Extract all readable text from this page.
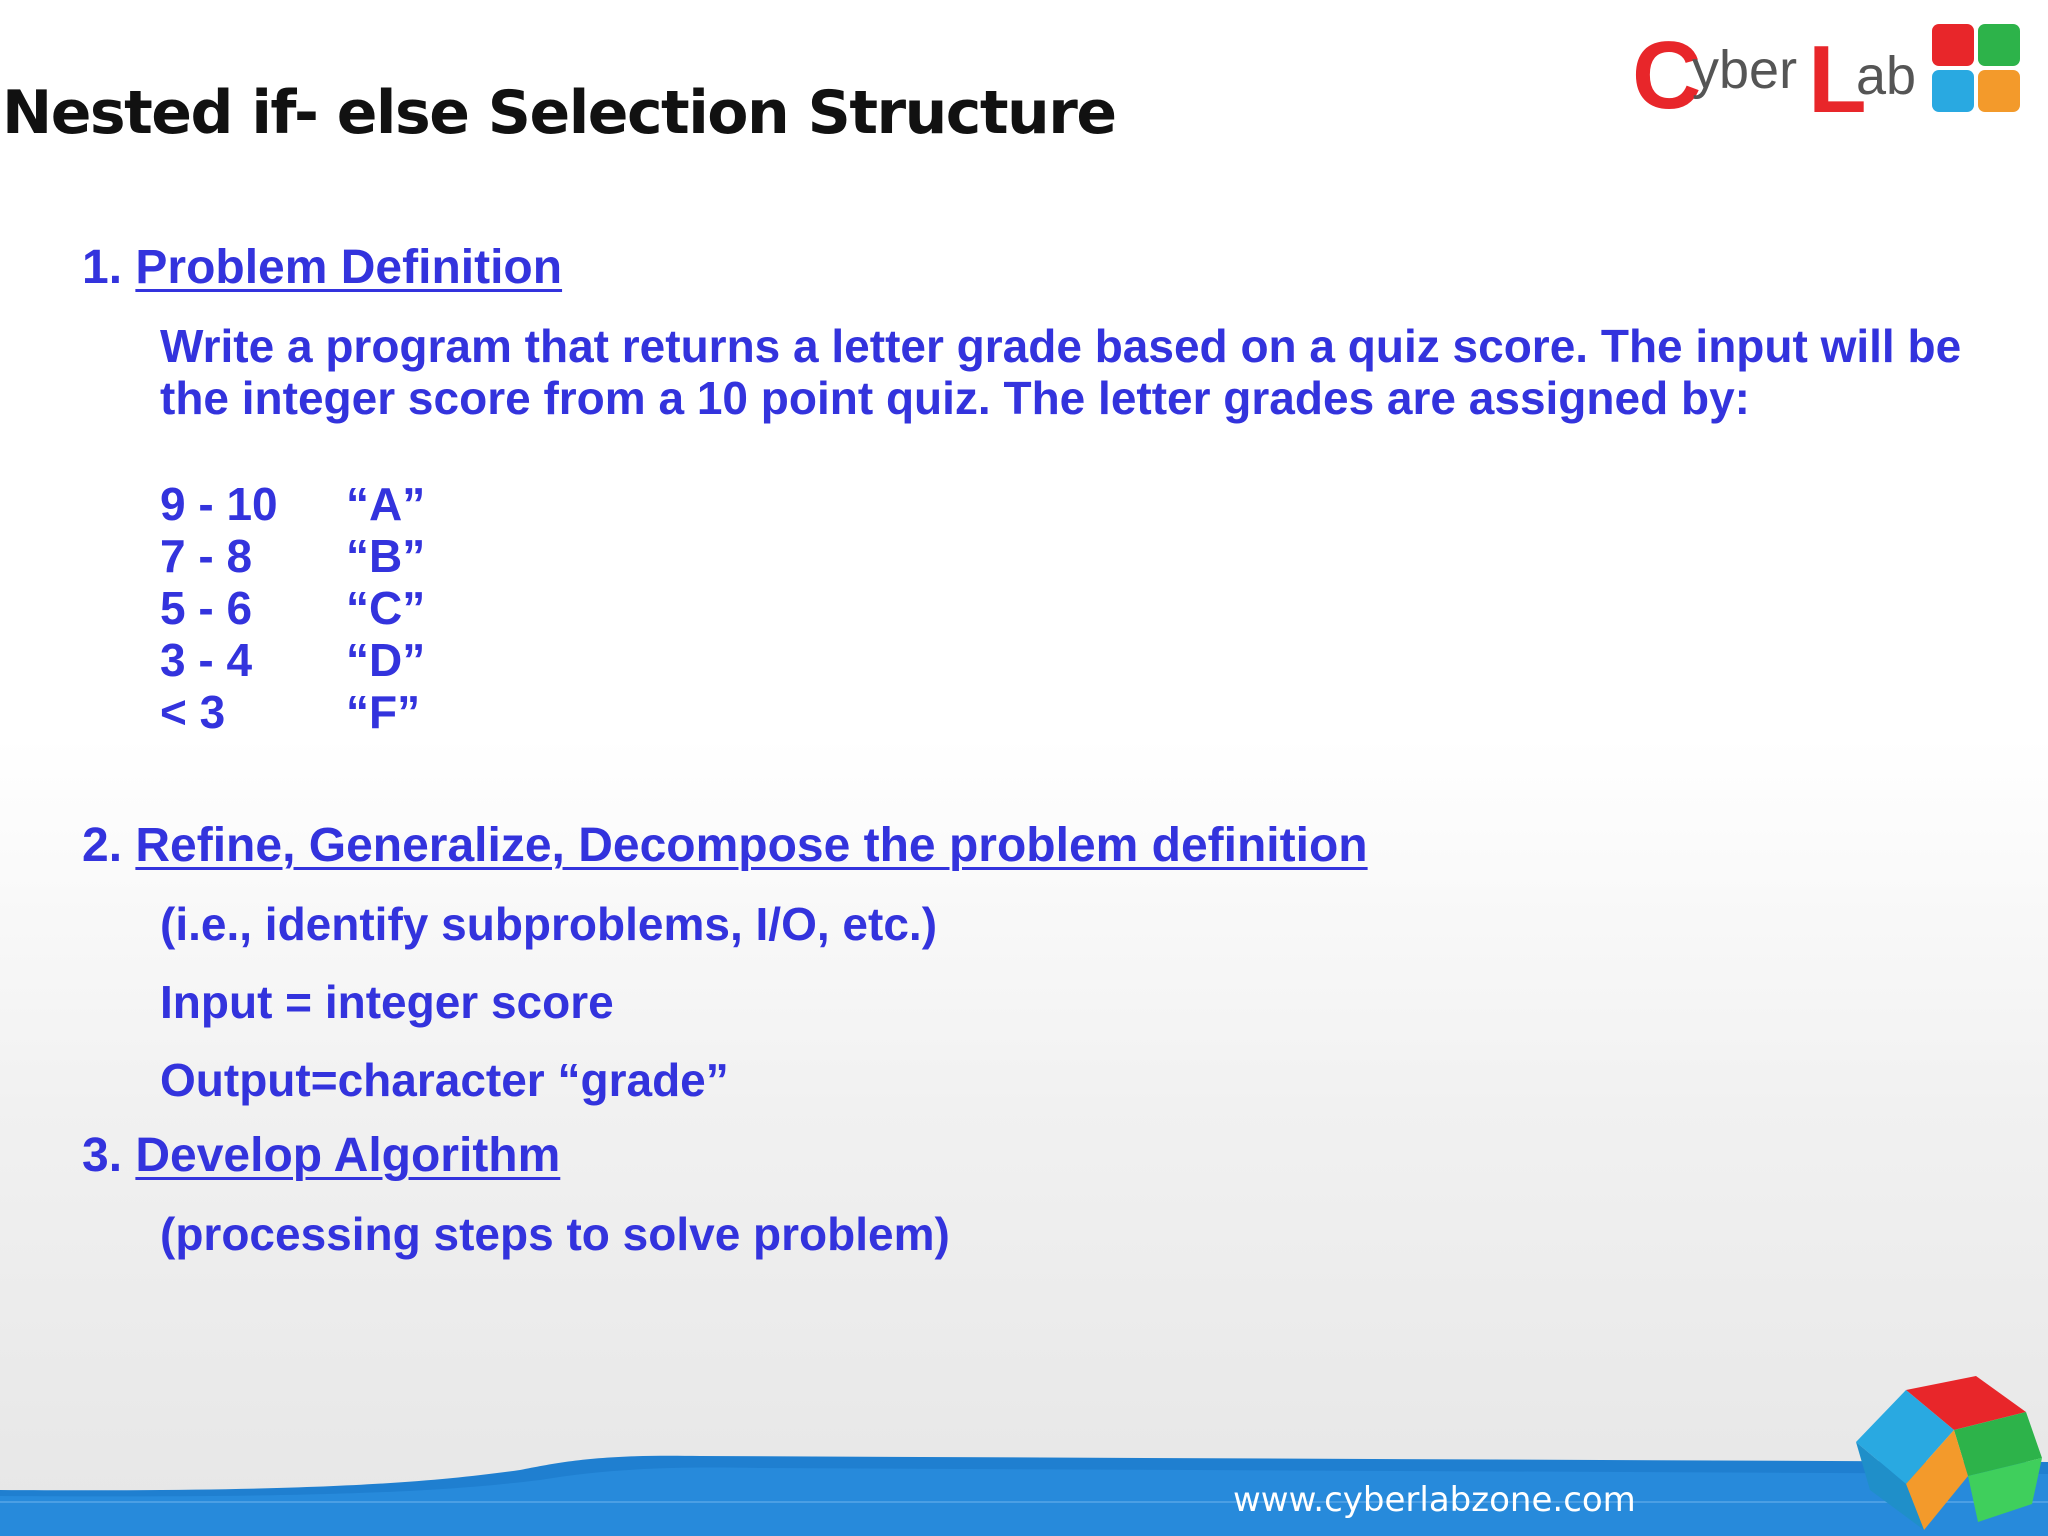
Nested if- else Selection Structure	C
yber L
ab
1. Problem Definition

Write a program that returns a letter grade based on a quiz score. The input will be the integer score from a 10 point quiz. The letter grades are assigned by:

9 - 10 “A”
7 - 8 “B”
5 - 6 “C”
3 - 4 “D”
< 3	“F”
2. Refine, Generalize, Decompose the problem definition
(i.e., identify subproblems, I/O, etc.)
Input = integer score
Output=character “grade”
3. Develop Algorithm
(processing steps to solve problem)
www.cyberlabzone.com
